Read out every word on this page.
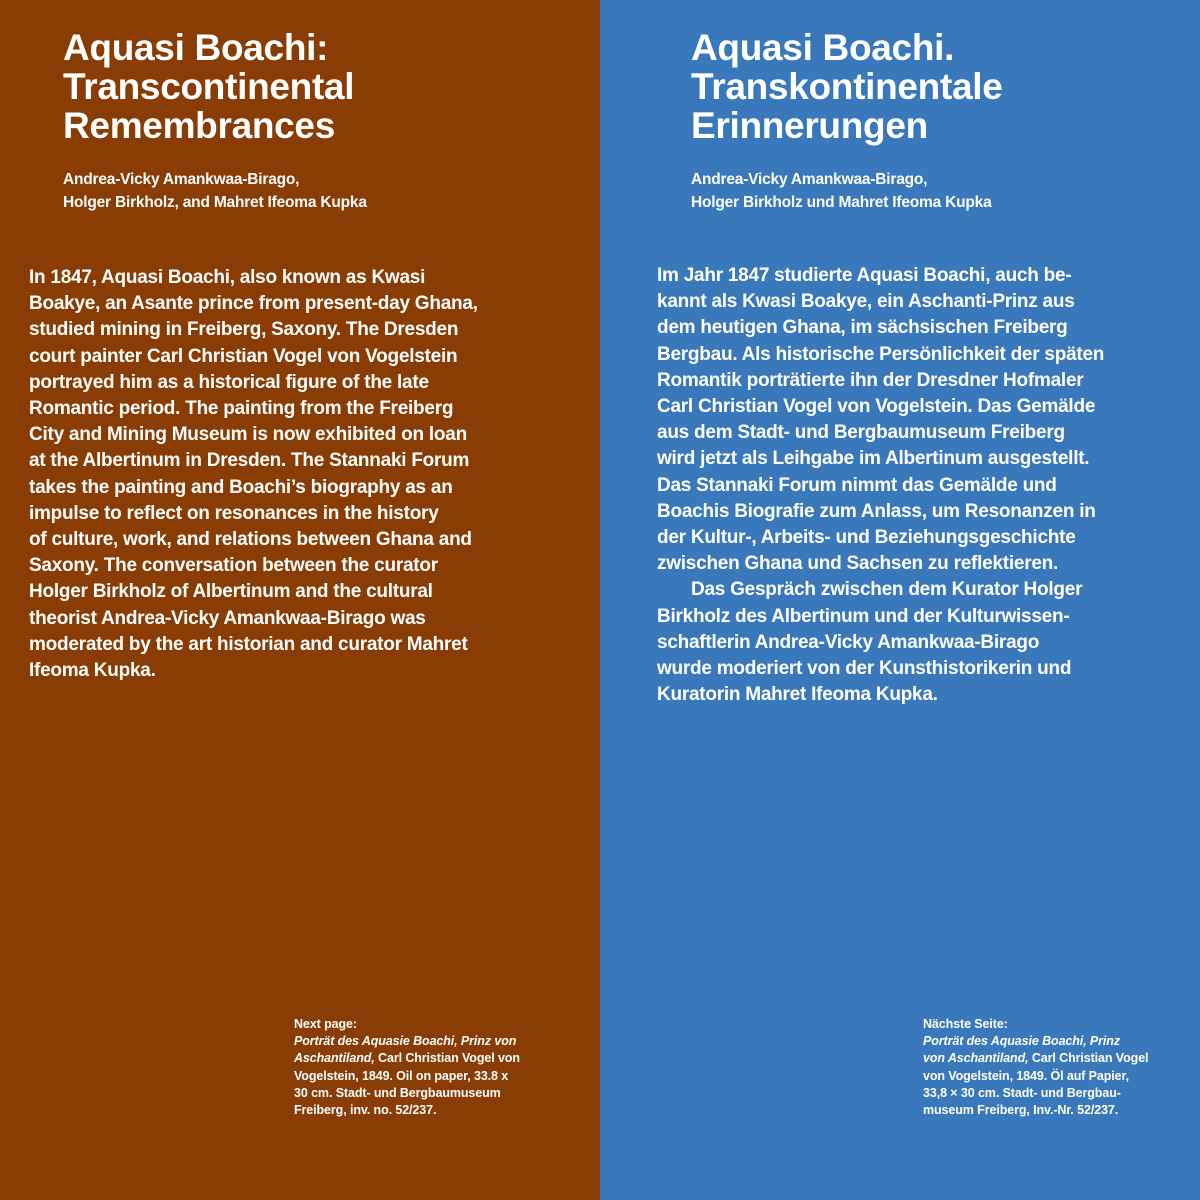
Aquasi Boachi:
Transcontinental
Remembrances

Andrea-Vicky Amankwaa-Birago,
Holger Birkholz, and Mahret Ifeoma Kupka

In 1847, Aquasi Boachi, also known as Kwasi
Boakye, an Asante prince from present-day Ghana,
studied mining in Freiberg, Saxony. The Dresden
court painter Carl Christian Vogel von Vogelstein
portrayed him as a historical figure of the late
Romantic period. The painting from the Freiberg
City and Mining Museum is now exhibited on loan
at the Albertinum in Dresden. The Stannaki Forum
takes the painting and Boachi’s biography as an
impulse to reflect on resonances in the history
of culture, work, and relations between Ghana and
Saxony. The conversation between the curator
Holger Birkholz of Albertinum and the cultural
theorist Andrea-Vicky Amankwaa-Birago was
moderated by the art historian and curator Mahret
Ifeoma Kupka.
Next page:
Porträt des Aquasie Boachi, Prinz von
Aschantiland, Carl Christian Vogel von
Vogelstein, 1849. Oil on paper, 33.8 x
30 cm. Stadt- und Bergbaumuseum
Freiberg, inv. no. 52/237.
Aquasi Boachi.
Transkontinentale
Erinnerungen

Andrea-Vicky Amankwaa-Birago,
Holger Birkholz und Mahret Ifeoma Kupka

Im Jahr 1847 studierte Aquasi Boachi, auch be-
kannt als Kwasi Boakye, ein Aschanti-Prinz aus
dem heutigen Ghana, im sächsischen Freiberg
Bergbau. Als historische Persönlichkeit der späten
Romantik porträtierte ihn der Dresdner Hofmaler
Carl Christian Vogel von Vogelstein. Das Gemälde
aus dem Stadt- und Bergbaumuseum Freiberg
wird jetzt als Leihgabe im Albertinum ausgestellt.
Das Stannaki Forum nimmt das Gemälde und
Boachis Biografie zum Anlass, um Resonanzen in
der Kultur-, Arbeits- und Beziehungsgeschichte
zwischen Ghana und Sachsen zu reflektieren.
Das Gespräch zwischen dem Kurator Holger
Birkholz des Albertinum und der Kulturwissen-
schaftlerin Andrea-Vicky Amankwaa-Birago
wurde moderiert von der Kunsthistorikerin und
Kuratorin Mahret Ifeoma Kupka.
Nächste Seite:
Porträt des Aquasie Boachi, Prinz
von Aschantiland, Carl Christian Vogel
von Vogelstein, 1849. Öl auf Papier,
33,8 × 30 cm. Stadt- und Bergbau-
museum Freiberg, Inv.-Nr. 52/237.
